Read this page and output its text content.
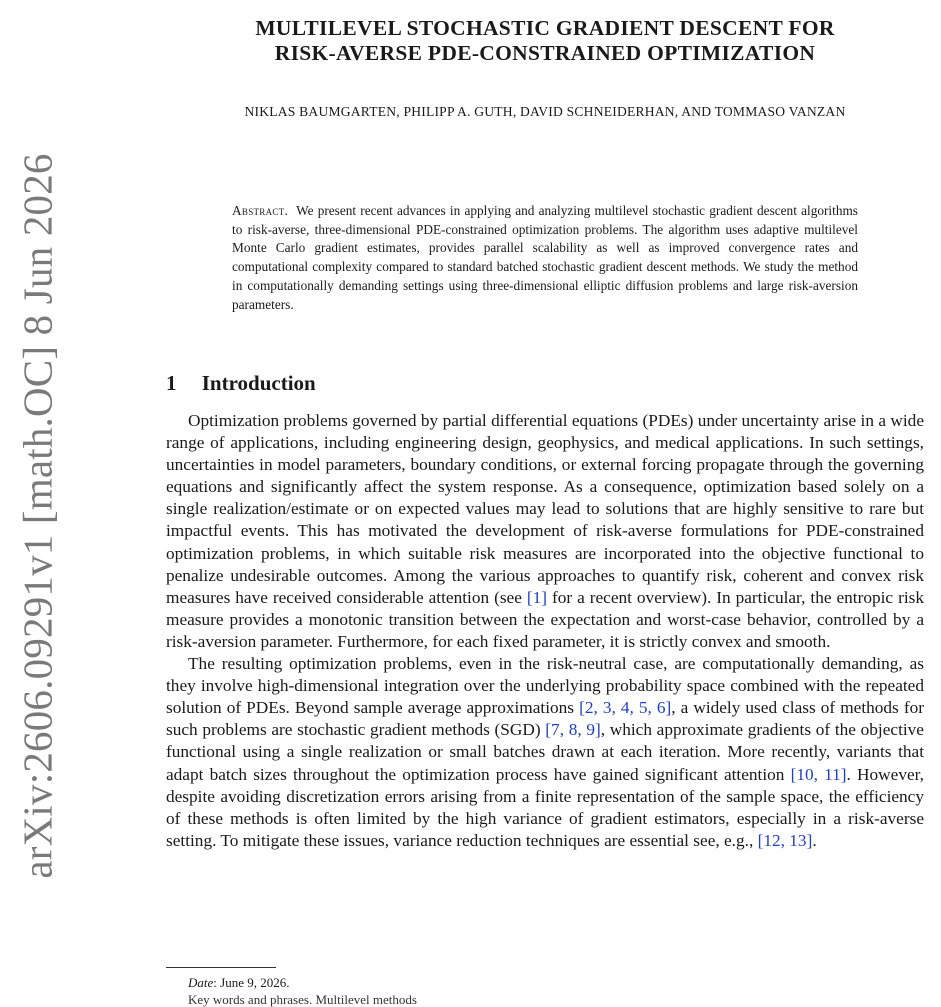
arXiv:2606.09291v1 [math.OC] 8 Jun 2026
MULTILEVEL STOCHASTIC GRADIENT DESCENT FOR
RISK-AVERSE PDE-CONSTRAINED OPTIMIZATION
NIKLAS BAUMGARTEN, PHILIPP A. GUTH, DAVID SCHNEIDERHAN, AND TOMMASO VANZAN
Abstract. We present recent advances in applying and analyzing multilevel stochastic gradient descent algorithms to risk-averse, three-dimensional PDE-constrained optimization problems. The algorithm uses adaptive multilevel Monte Carlo gradient estimates, provides parallel scalability as well as improved convergence rates and computational complexity compared to standard batched stochastic gradient descent methods. We study the method in computationally demanding settings using three-dimensional elliptic diffusion problems and large risk-aversion parameters.
1 Introduction

Optimization problems governed by partial differential equations (PDEs) under uncertainty arise in a wide range of applications, including engineering design, geophysics, and medical applications. In such settings, uncertainties in model parameters, boundary conditions, or external forcing propagate through the governing equations and significantly affect the system response. As a consequence, optimization based solely on a single realization/estimate or on expected values may lead to solutions that are highly sensitive to rare but impactful events. This has motivated the development of risk-averse formulations for PDE-constrained optimization problems, in which suitable risk measures are incorporated into the objective functional to penalize undesirable outcomes. Among the various approaches to quantify risk, coherent and convex risk measures have received considerable attention (see [1] for a recent overview). In particular, the entropic risk measure provides a monotonic transition between the expectation and worst-case behavior, controlled by a risk-aversion parameter. Furthermore, for each fixed parameter, it is strictly convex and smooth.

The resulting optimization problems, even in the risk-neutral case, are computationally demanding, as they involve high-dimensional integration over the underlying probability space combined with the repeated solution of PDEs. Beyond sample average approximations [2, 3, 4, 5, 6], a widely used class of methods for such problems are stochastic gradient methods (SGD) [7, 8, 9], which approximate gradients of the objective functional using a single realization or small batches drawn at each iteration. More recently, variants that adapt batch sizes throughout the optimization process have gained significant attention [10, 11]. However, despite avoiding discretization errors arising from a finite representation of the sample space, the efficiency of these methods is often limited by the high variance of gradient estimators, especially in a risk-averse setting. To mitigate these issues, variance reduction techniques are essential see, e.g., [12, 13].

Date: June 9, 2026.
Key words and phrases. Multilevel methods
